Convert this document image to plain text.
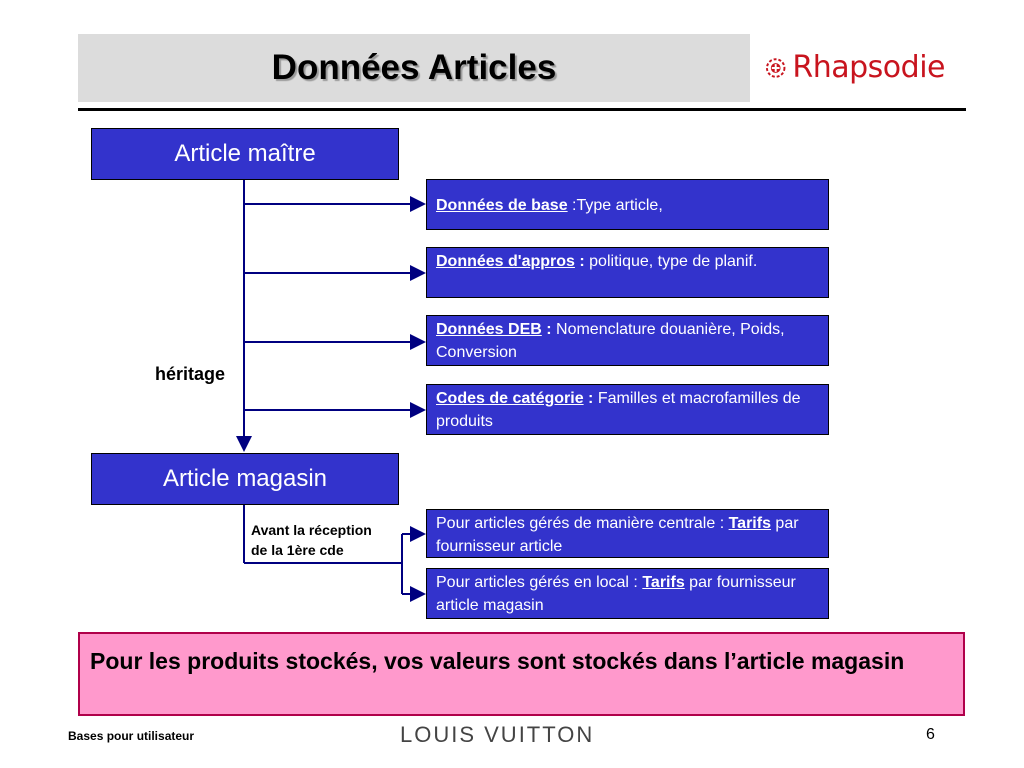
Données Articles	Rhapsodie
Article maître
Article magasin
Données de base :Type article,
Données d'appros : politique, type de planif.
Données DEB : Nomenclature douanière, Poids, Conversion
Codes de catégorie : Familles et macrofamilles de produits
Pour articles gérés de manière centrale : Tarifs par fournisseur article
Pour articles gérés en local : Tarifs par fournisseur article magasin
héritage
Avant la réception
de la 1ère cde
Pour les produits stockés, vos valeurs sont stockés dans l’article magasin
Bases pour utilisateur	LOUIS VUITTON	6
